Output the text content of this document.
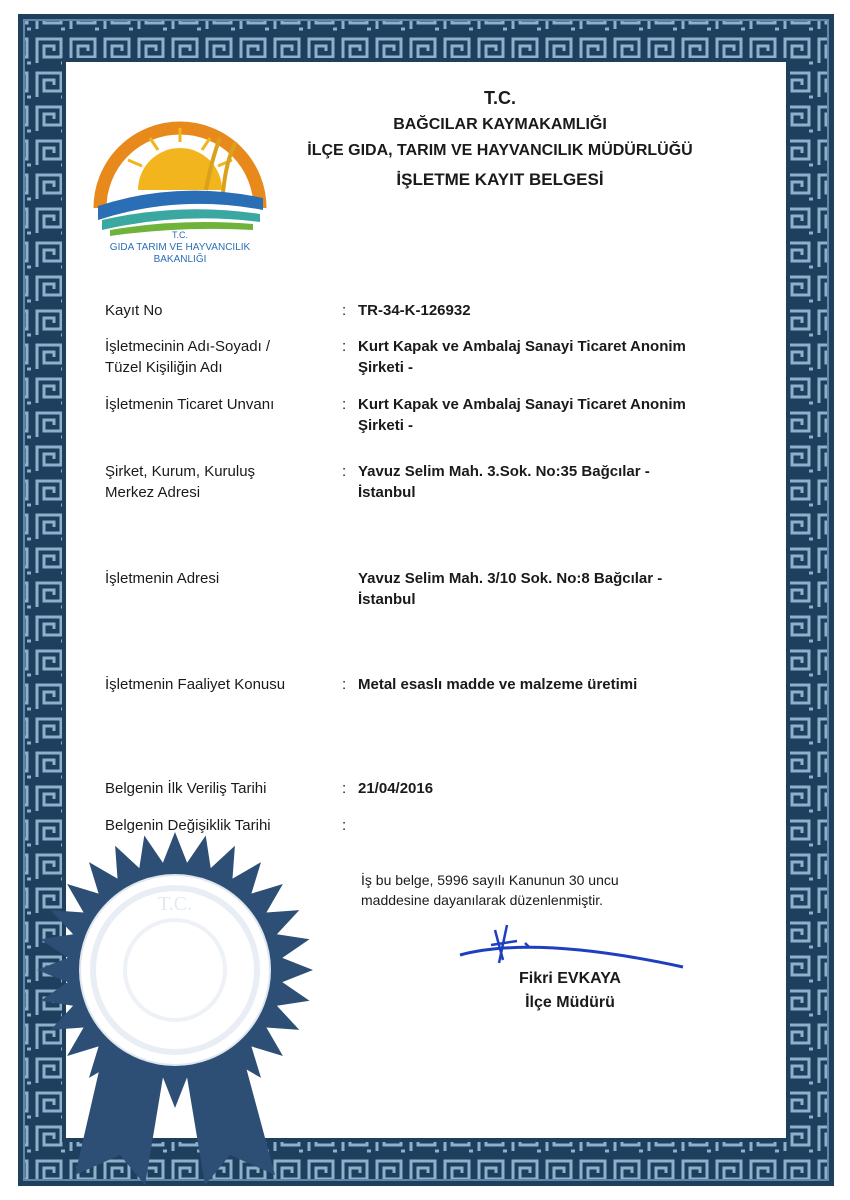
T.C.
BAĞCILAR KAYMAKAMLIĞI
İLÇE GIDA, TARIM VE HAYVANCILIK MÜDÜRLÜĞÜ
İŞLETME KAYIT BELGESİ
T.C.
GIDA TARIM VE HAYVANCILIK
BAKANLIĞI
Kayıt No	: TR-34-K-126932
İşletmecinin Adı-Soyadı /
Tüzel Kişiliğin Adı
: Kurt Kapak ve Ambalaj Sanayi Ticaret Anonim
Şirketi -
İşletmenin Ticaret Unvanı	: Kurt Kapak ve Ambalaj Sanayi Ticaret Anonim
Şirketi -
Şirket, Kurum, Kuruluş
Merkez Adresi
: Yavuz Selim Mah. 3.Sok. No:35 Bağcılar -
İstanbul
İşletmenin Adresi	Yavuz Selim Mah. 3/10 Sok. No:8 Bağcılar -
İstanbul
İşletmenin Faaliyet Konusu	: Metal esaslı madde ve malzeme üretimi
Belgenin İlk Veriliş Tarihi	: 21/04/2016
Belgenin Değişiklik Tarihi	:
İş bu belge, 5996 sayılı Kanunun 30 uncu
maddesine dayanılarak düzenlenmiştir.
Fikri EVKAYA
İlçe Müdürü
T.C.
